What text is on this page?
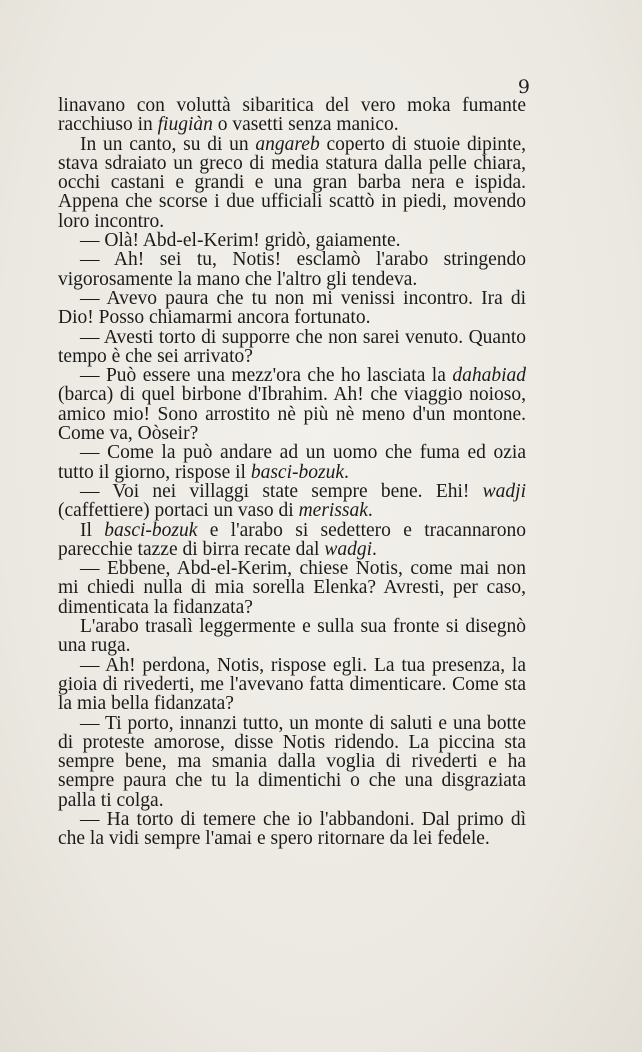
9

linavano con voluttà sibaritica del vero moka fumante racchiuso in fiugiàn o vasetti senza manico.

In un canto, su di un angareb coperto di stuoie dipinte, stava sdraiato un greco di media statura dalla pelle chiara, occhi castani e grandi e una gran barba nera e ispida. Appena che scorse i due ufficiali scattò in piedi, movendo loro incontro.

— Olà! Abd-el-Kerim! gridò, gaiamente.

— Ah! sei tu, Notis! esclamò l'arabo stringendo vigorosamente la mano che l'altro gli tendeva.

— Avevo paura che tu non mi venissi incontro. Ira di Dio! Posso chiamarmi ancora fortunato.

— Avesti torto di supporre che non sarei venuto. Quanto tempo è che sei arrivato?

— Può essere una mezz'ora che ho lasciata la dahabiad (barca) di quel birbone d'Ibrahim. Ah! che viaggio noioso, amico mio! Sono arrostito nè più nè meno d'un montone. Come va, Oòseir?

— Come la può andare ad un uomo che fuma ed ozia tutto il giorno, rispose il basci-bozuk.

— Voi nei villaggi state sempre bene. Ehi! wadji (caffettiere) portaci un vaso di merissak.

Il basci-bozuk e l'arabo si sedettero e tracannarono parecchie tazze di birra recate dal wadgi.

— Ebbene, Abd-el-Kerim, chiese Notis, come mai non mi chiedi nulla di mia sorella Elenka? Avresti, per caso, dimenticata la fidanzata?

L'arabo trasalì leggermente e sulla sua fronte si disegnò una ruga.

— Ah! perdona, Notis, rispose egli. La tua presenza, la gioia di rivederti, me l'avevano fatta dimenticare. Come sta la mia bella fidanzata?

— Ti porto, innanzi tutto, un monte di saluti e una botte di proteste amorose, disse Notis ridendo. La piccina sta sempre bene, ma smania dalla voglia di rivederti e ha sempre paura che tu la dimentichi o che una disgraziata palla ti colga.

— Ha torto di temere che io l'abbandoni. Dal primo dì che la vidi sempre l'amai e spero ritornare da lei fedele.
